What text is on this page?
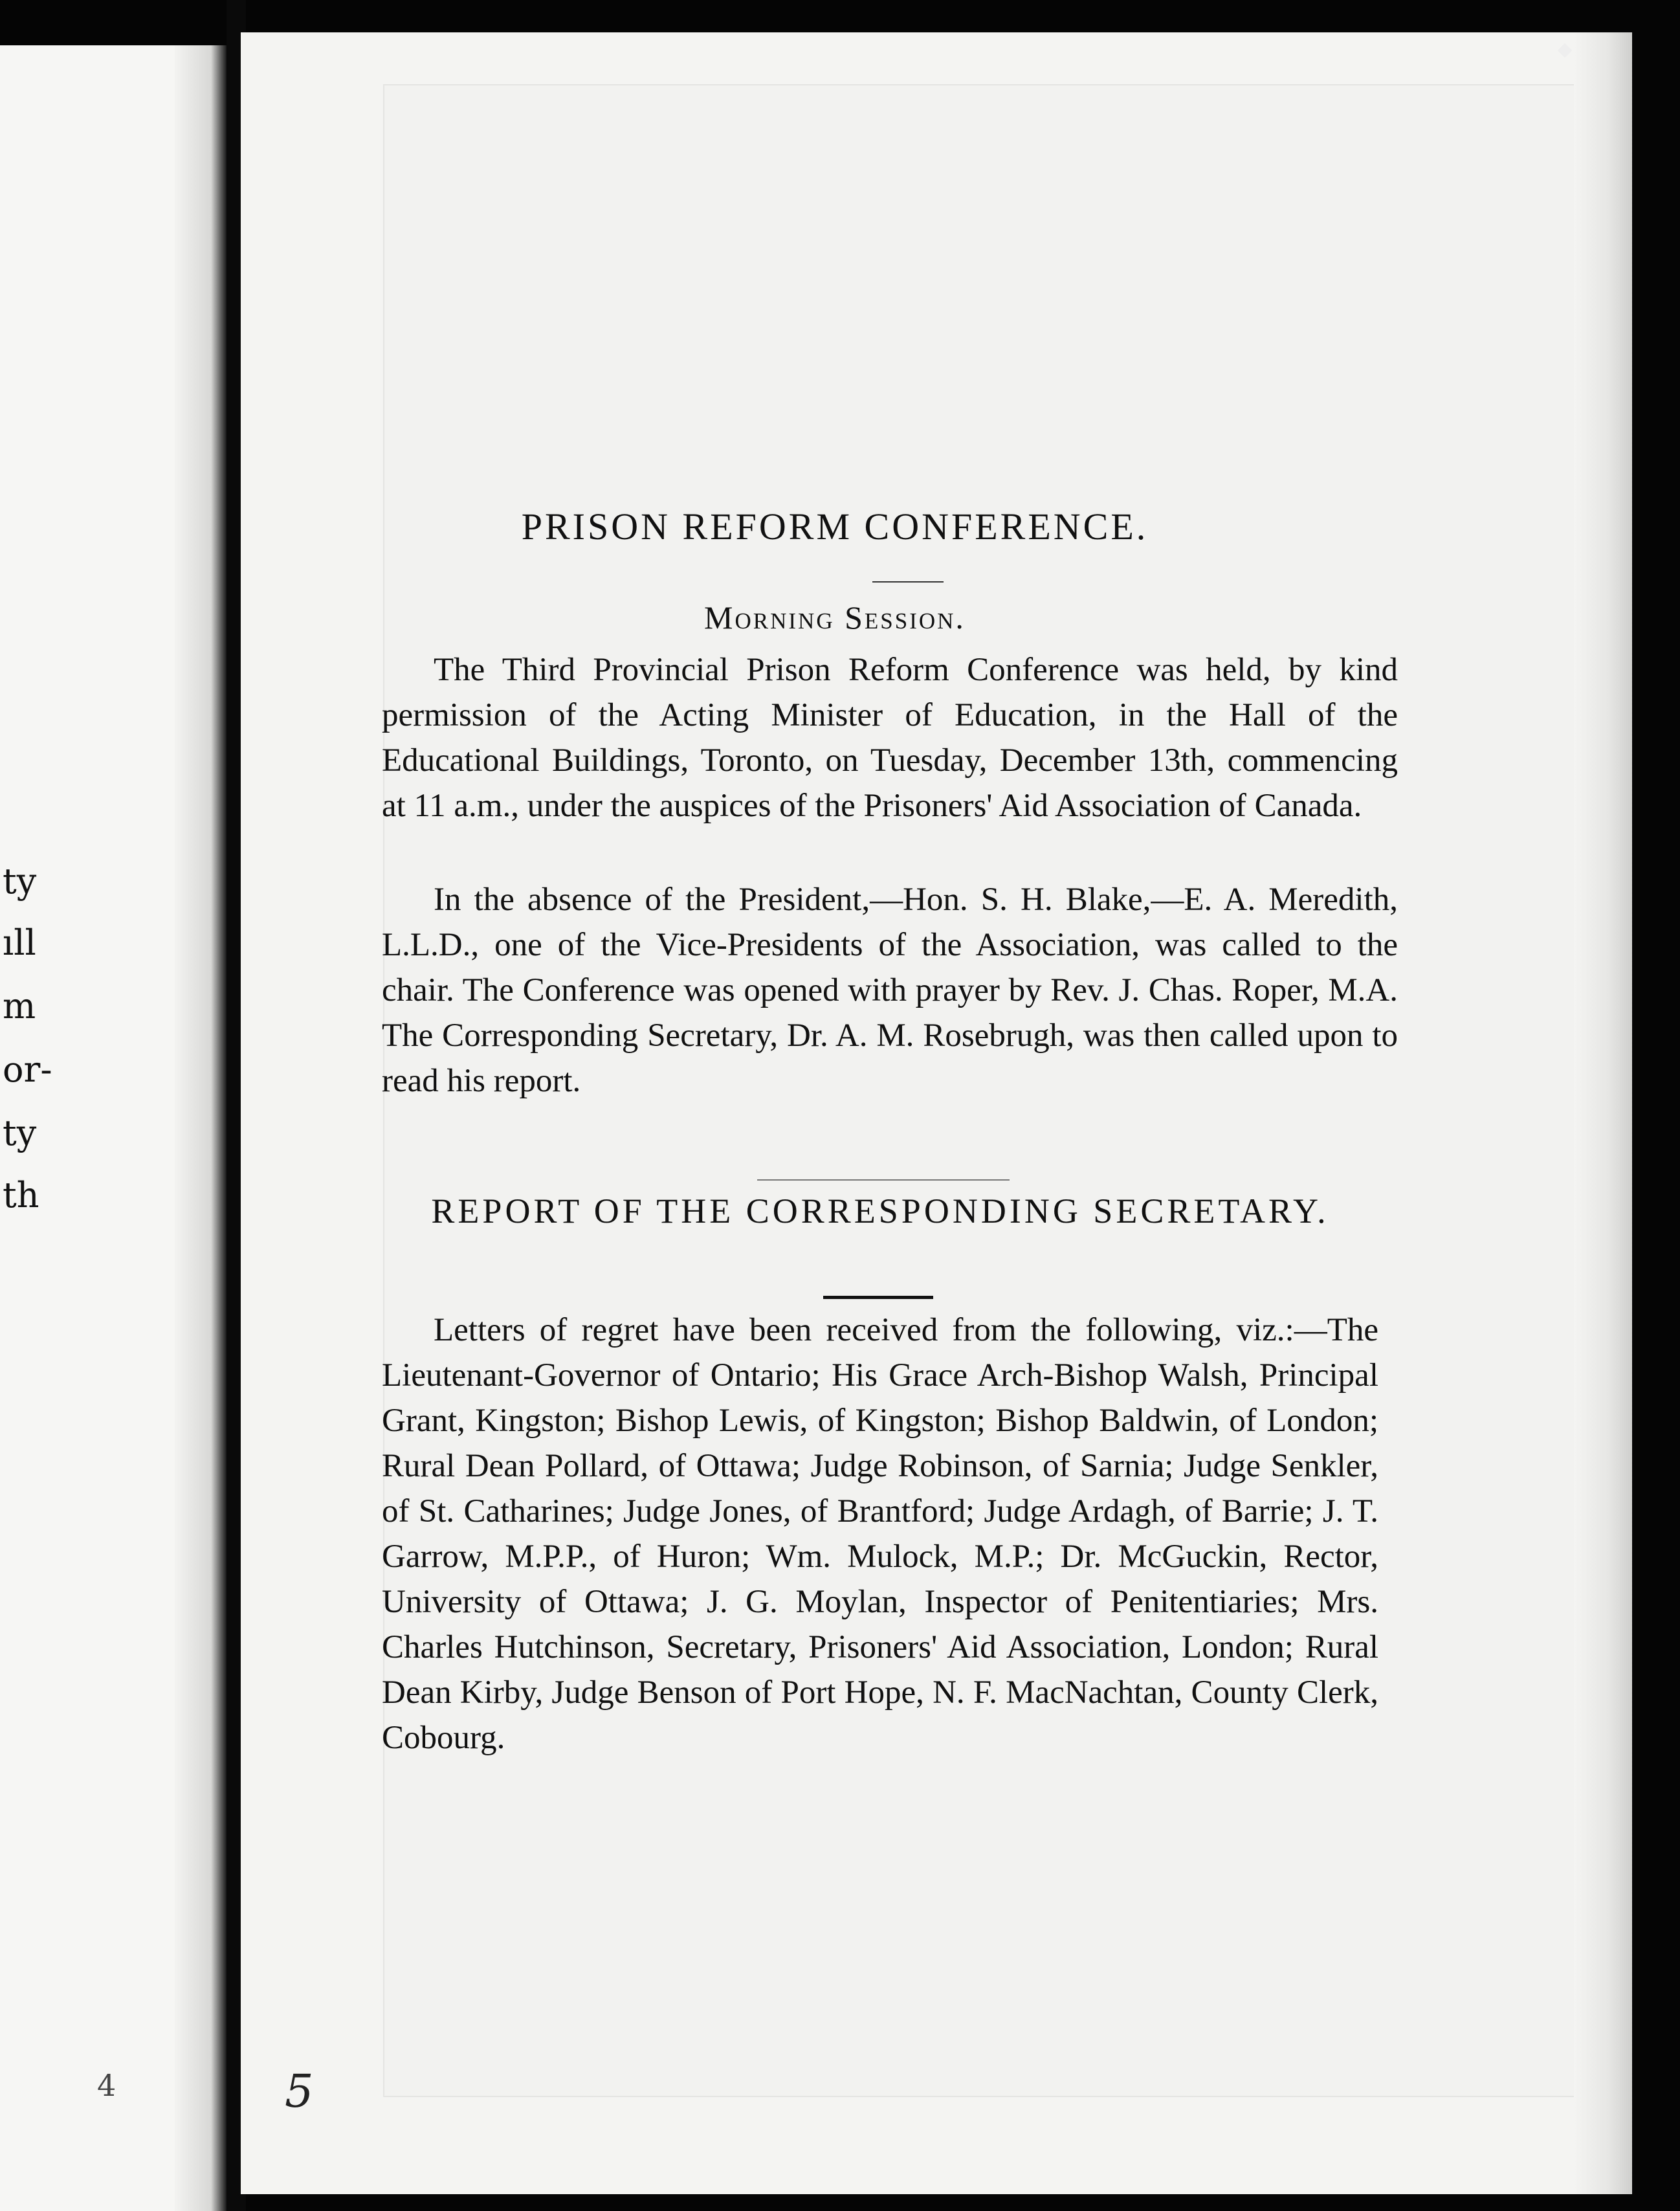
ty
ıll
m
or-
ty
th
4
PRISON REFORM CONFERENCE.
Morning Session.

The Third Provincial Prison Reform Conference was held, by kind permission of the Acting Minister of Education, in the Hall of the Educational Buildings, Toronto, on Tuesday, December 13th, commencing at 11 a.m., under the auspices of the Prisoners' Aid Association of Canada.

In the absence of the President,—Hon. S. H. Blake,—E. A. Meredith, L.L.D., one of the Vice-Presidents of the Association, was called to the chair. The Conference was opened with prayer by Rev. J. Chas. Roper, M.A. The Corresponding Secretary, Dr. A. M. Rosebrugh, was then called upon to read his report.

REPORT OF THE CORRESPONDING SECRETARY.

Letters of regret have been received from the following, viz.:—The Lieutenant-Governor of Ontario; His Grace Arch-Bishop Walsh, Principal Grant, Kingston; Bishop Lewis, of Kingston; Bishop Baldwin, of London; Rural Dean Pollard, of Ottawa; Judge Robinson, of Sarnia; Judge Senkler, of St. Catharines; Judge Jones, of Brantford; Judge Ardagh, of Barrie; J. T. Garrow, M.P.P., of Huron; Wm. Mulock, M.P.; Dr. McGuckin, Rector, University of Ottawa; J. G. Moylan, Inspector of Penitentiaries; Mrs. Charles Hutchinson, Secretary, Prisoners' Aid Association, London; Rural Dean Kirby, Judge Benson of Port Hope, N. F. MacNachtan, County Clerk, Cobourg.

5
